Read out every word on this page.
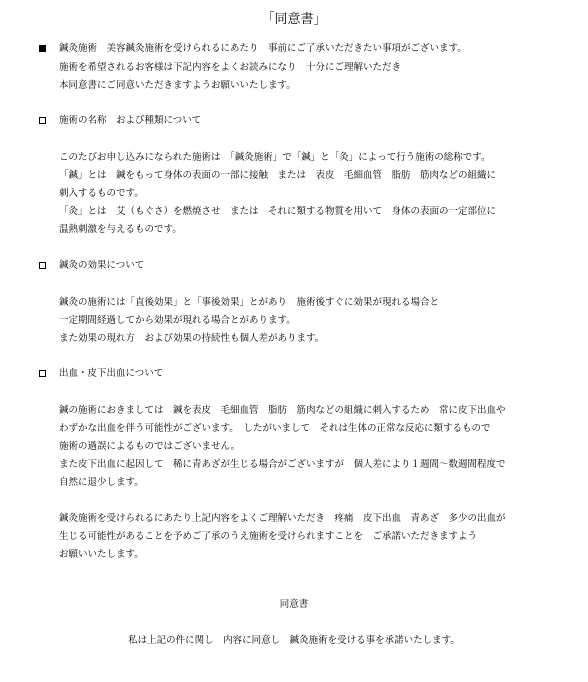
「同意書」
鍼灸施術　美容鍼灸施術を受けられるにあたり　事前にご了承いただきたい事項がございます。
施術を希望されるお客様は下記内容をよくお読みになり　十分にご理解いただき
本同意書にご同意いただきますようお願いいたします。
施術の名称　および種類について
このたびお申し込みになられた施術は　「鍼灸施術」で「鍼」と「灸」によって行う施術の総称です。
「鍼」とは　鍼をもって身体の表面の一部に接触　または　表皮　毛細血管　脂肪　筋肉などの組織に
刺入するものです。
「灸」とは　艾（もぐさ）を燃焼させ　または　それに類する物質を用いて　身体の表面の一定部位に
温熱刺激を与えるものです。
鍼灸の効果について
鍼灸の施術には「直後効果」と「事後効果」とがあり　施術後すぐに効果が現れる場合と
一定期間経過してから効果が現れる場合とがあります。
また効果の現れ方　および効果の持続性も個人差があります。
出血・皮下出血について
鍼の施術におきましては　鍼を表皮　毛細血管　脂肪　筋肉などの組織に刺入するため　常に皮下出血や
わずかな出血を伴う可能性がございます。　したがいまして　それは生体の正常な反応に類するもので
施術の過誤によるものではございません。
また皮下出血に起因して　稀に青あざが生じる場合がございますが　個人差により１週間～数週間程度で
自然に退少します。
鍼灸施術を受けられるにあたり上記内容をよくご理解いただき　疼痛　皮下出血　青あざ　多少の出血が
生じる可能性があることを予めご了承のうえ施術を受けられますことを　ご承諾いただきますよう
お願いいたします。
同意書
私は上記の件に関し　内容に同意し　鍼灸施術を受ける事を承諾いたします。
